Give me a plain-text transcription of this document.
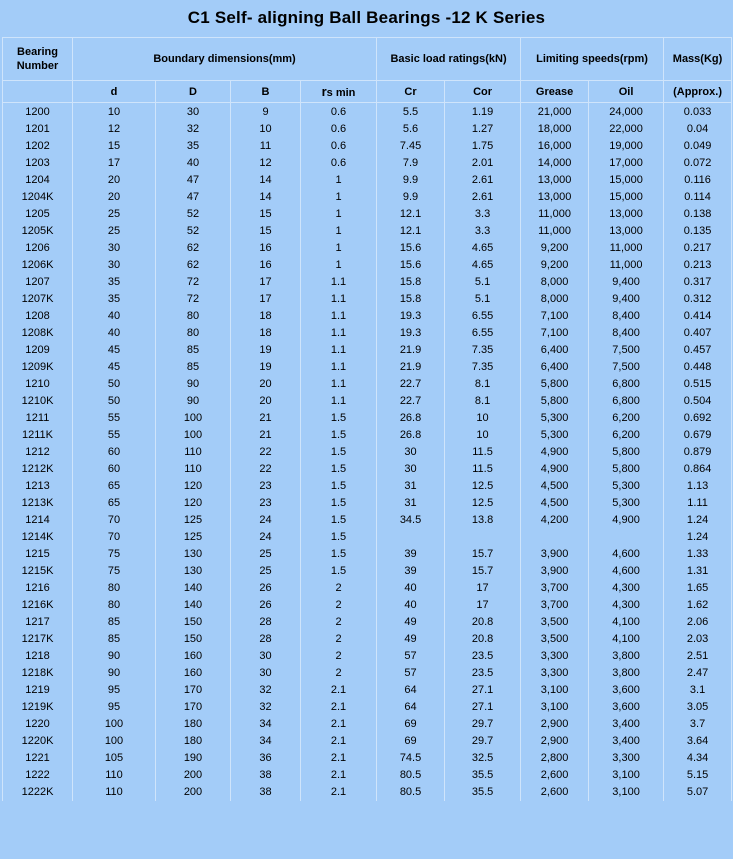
C1 Self- aligning Ball Bearings -12 K Series
Bearing Number	Boundary dimensions(mm)				Basic load ratings(kN)		Limiting speeds(rpm)		Mass(Kg)
	d	D	B	rs min	Cr	Cor	Grease	Oil	(Approx.)
1200	10	30	9	0.6	5.5	1.19	21,000	24,000	0.033
1201	12	32	10	0.6	5.6	1.27	18,000	22,000	0.04
1202	15	35	11	0.6	7.45	1.75	16,000	19,000	0.049
1203	17	40	12	0.6	7.9	2.01	14,000	17,000	0.072
1204	20	47	14	1	9.9	2.61	13,000	15,000	0.116
1204K	20	47	14	1	9.9	2.61	13,000	15,000	0.114
1205	25	52	15	1	12.1	3.3	11,000	13,000	0.138
1205K	25	52	15	1	12.1	3.3	11,000	13,000	0.135
1206	30	62	16	1	15.6	4.65	9,200	11,000	0.217
1206K	30	62	16	1	15.6	4.65	9,200	11,000	0.213
1207	35	72	17	1.1	15.8	5.1	8,000	9,400	0.317
1207K	35	72	17	1.1	15.8	5.1	8,000	9,400	0.312
1208	40	80	18	1.1	19.3	6.55	7,100	8,400	0.414
1208K	40	80	18	1.1	19.3	6.55	7,100	8,400	0.407
1209	45	85	19	1.1	21.9	7.35	6,400	7,500	0.457
1209K	45	85	19	1.1	21.9	7.35	6,400	7,500	0.448
1210	50	90	20	1.1	22.7	8.1	5,800	6,800	0.515
1210K	50	90	20	1.1	22.7	8.1	5,800	6,800	0.504
1211	55	100	21	1.5	26.8	10	5,300	6,200	0.692
1211K	55	100	21	1.5	26.8	10	5,300	6,200	0.679
1212	60	110	22	1.5	30	11.5	4,900	5,800	0.879
1212K	60	110	22	1.5	30	11.5	4,900	5,800	0.864
1213	65	120	23	1.5	31	12.5	4,500	5,300	1.13
1213K	65	120	23	1.5	31	12.5	4,500	5,300	1.11
1214	70	125	24	1.5	34.5	13.8	4,200	4,900	1.24
1214K	70	125	24	1.5					1.24
1215	75	130	25	1.5	39	15.7	3,900	4,600	1.33
1215K	75	130	25	1.5	39	15.7	3,900	4,600	1.31
1216	80	140	26	2	40	17	3,700	4,300	1.65
1216K	80	140	26	2	40	17	3,700	4,300	1.62
1217	85	150	28	2	49	20.8	3,500	4,100	2.06
1217K	85	150	28	2	49	20.8	3,500	4,100	2.03
1218	90	160	30	2	57	23.5	3,300	3,800	2.51
1218K	90	160	30	2	57	23.5	3,300	3,800	2.47
1219	95	170	32	2.1	64	27.1	3,100	3,600	3.1
1219K	95	170	32	2.1	64	27.1	3,100	3,600	3.05
1220	100	180	34	2.1	69	29.7	2,900	3,400	3.7
1220K	100	180	34	2.1	69	29.7	2,900	3,400	3.64
1221	105	190	36	2.1	74.5	32.5	2,800	3,300	4.34
1222	110	200	38	2.1	80.5	35.5	2,600	3,100	5.15
1222K	110	200	38	2.1	80.5	35.5	2,600	3,100	5.07
